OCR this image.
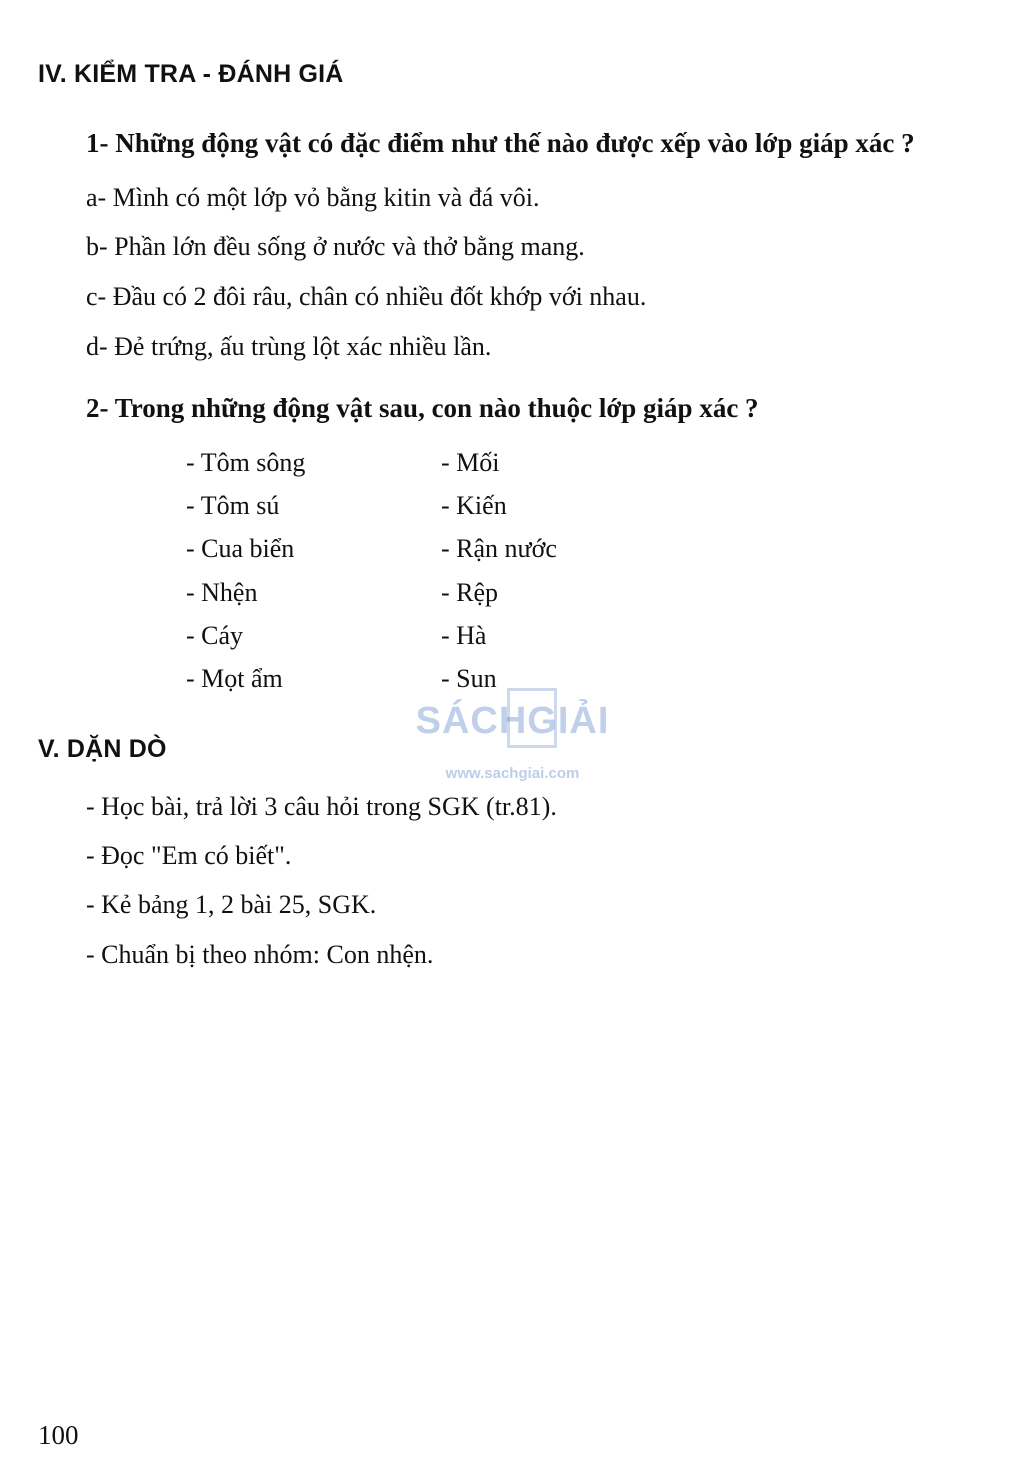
IV. KIỂM TRA - ĐÁNH GIÁ

1- Những động vật có đặc điểm như thế nào được xếp vào lớp giáp xác ?

a- Mình có một lớp vỏ bằng kitin và đá vôi.

b- Phần lớn đều sống ở nước và thở bằng mang.

c- Đầu có 2 đôi râu, chân có nhiều đốt khớp với nhau.

d- Đẻ trứng, ấu trùng lột xác nhiều lần.

2- Trong những động vật sau, con nào thuộc lớp giáp xác ?

- Tôm sông

- Tôm sú

- Cua biển

- Nhện

- Cáy

- Mọt ẩm

- Mối

- Kiến

- Rận nước

- Rệp

- Hà

- Sun

SÁCHGIẢI
www.sachgiai.com
V. DẶN DÒ

- Học bài, trả lời 3 câu hỏi trong SGK (tr.81).

- Đọc "Em có biết".

- Kẻ bảng 1, 2 bài 25, SGK.

- Chuẩn bị theo nhóm: Con nhện.

100
